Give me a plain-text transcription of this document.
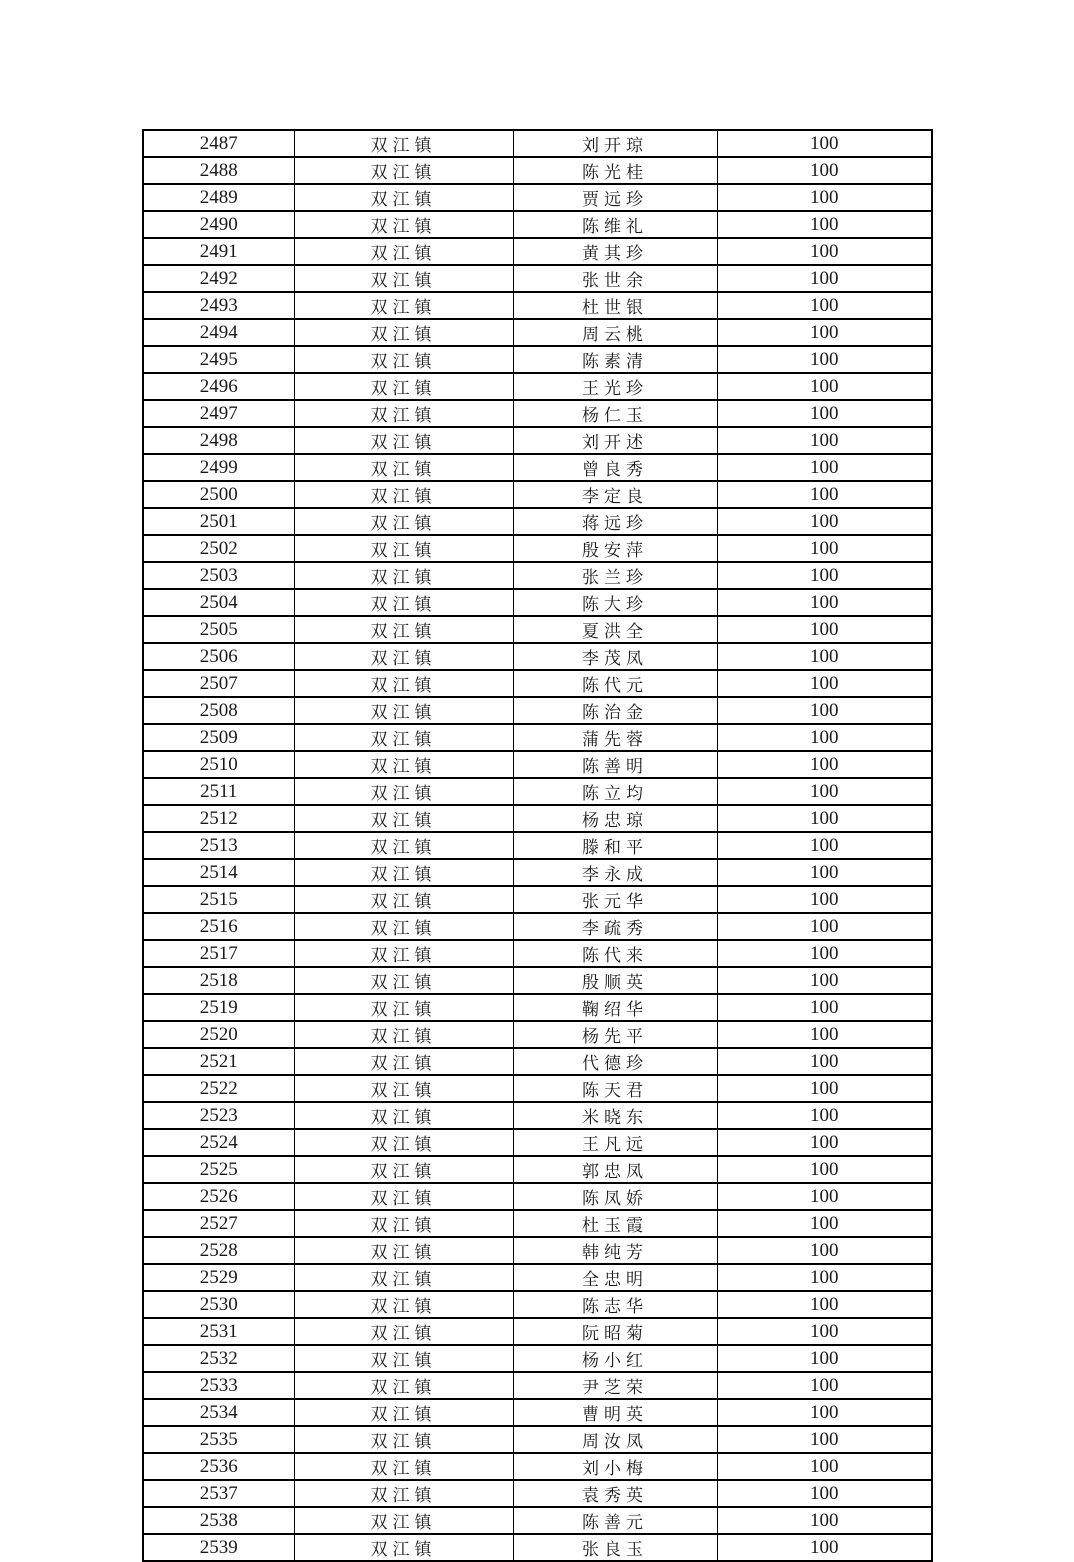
2487	双江镇	刘开琼	100
2488	双江镇	陈光桂	100
2489	双江镇	贾远珍	100
2490	双江镇	陈维礼	100
2491	双江镇	黄其珍	100
2492	双江镇	张世余	100
2493	双江镇	杜世银	100
2494	双江镇	周云桃	100
2495	双江镇	陈素清	100
2496	双江镇	王光珍	100
2497	双江镇	杨仁玉	100
2498	双江镇	刘开述	100
2499	双江镇	曾良秀	100
2500	双江镇	李定良	100
2501	双江镇	蒋远珍	100
2502	双江镇	殷安萍	100
2503	双江镇	张兰珍	100
2504	双江镇	陈大珍	100
2505	双江镇	夏洪全	100
2506	双江镇	李茂凤	100
2507	双江镇	陈代元	100
2508	双江镇	陈治金	100
2509	双江镇	蒲先蓉	100
2510	双江镇	陈善明	100
2511	双江镇	陈立均	100
2512	双江镇	杨忠琼	100
2513	双江镇	滕和平	100
2514	双江镇	李永成	100
2515	双江镇	张元华	100
2516	双江镇	李疏秀	100
2517	双江镇	陈代来	100
2518	双江镇	殷顺英	100
2519	双江镇	鞠绍华	100
2520	双江镇	杨先平	100
2521	双江镇	代德珍	100
2522	双江镇	陈天君	100
2523	双江镇	米晓东	100
2524	双江镇	王凡远	100
2525	双江镇	郭忠凤	100
2526	双江镇	陈凤娇	100
2527	双江镇	杜玉霞	100
2528	双江镇	韩纯芳	100
2529	双江镇	全忠明	100
2530	双江镇	陈志华	100
2531	双江镇	阮昭菊	100
2532	双江镇	杨小红	100
2533	双江镇	尹芝荣	100
2534	双江镇	曹明英	100
2535	双江镇	周汝凤	100
2536	双江镇	刘小梅	100
2537	双江镇	袁秀英	100
2538	双江镇	陈善元	100
2539	双江镇	张良玉	100
